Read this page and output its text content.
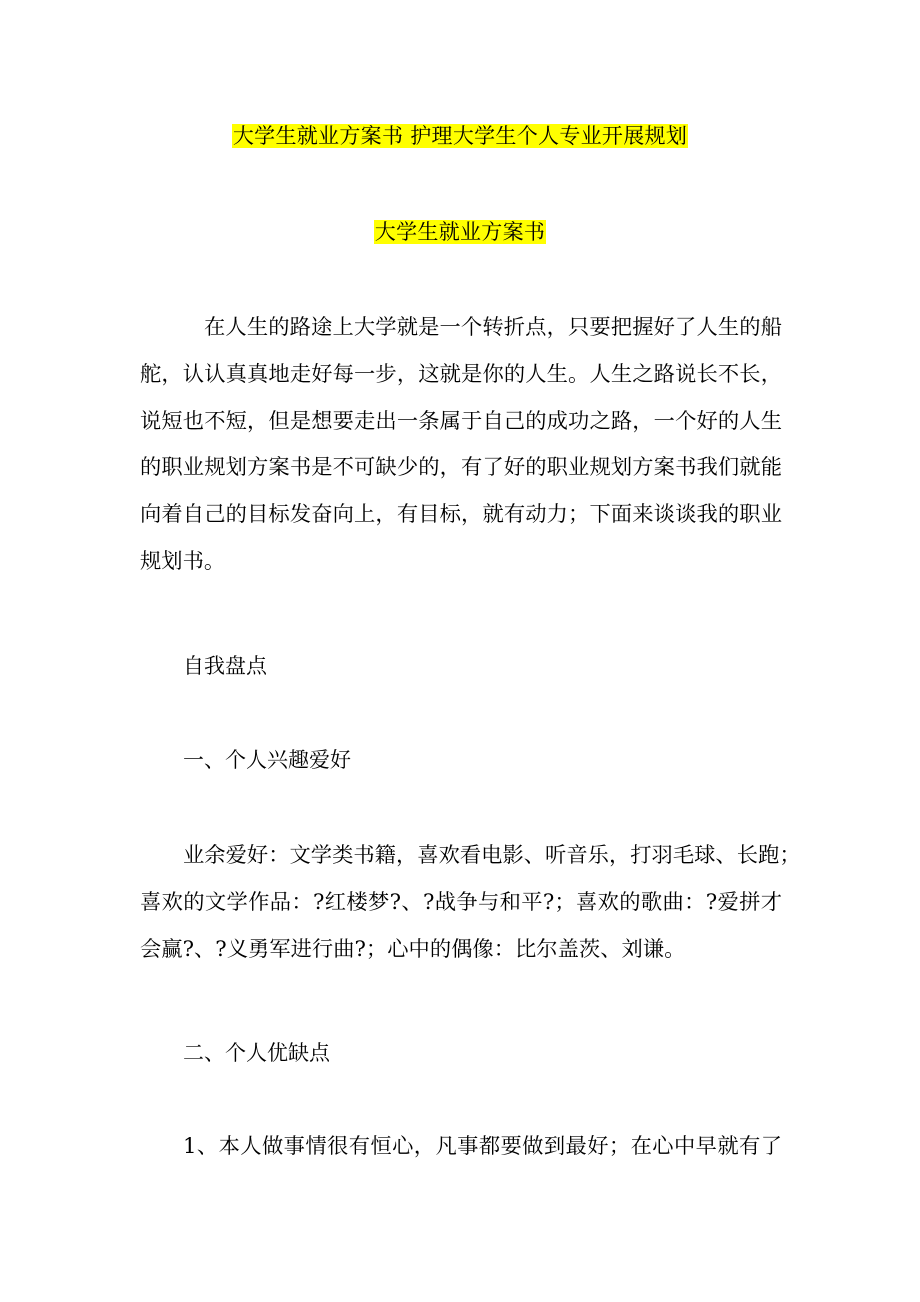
大学生就业方案书 护理大学生个人专业开展规划
大学生就业方案书
在人生的路途上大学就是一个转折点，只要把握好了人生的船
舵，认认真真地走好每一步，这就是你的人生。人生之路说长不长，
说短也不短，但是想要走出一条属于自己的成功之路，一个好的人生
的职业规划方案书是不可缺少的，有了好的职业规划方案书我们就能
向着自己的目标发奋向上，有目标，就有动力；下面来谈谈我的职业
规划书。
自我盘点
一、个人兴趣爱好
业余爱好：文学类书籍，喜欢看电影、听音乐，打羽毛球、长跑；
喜欢的文学作品：?红楼梦?、?战争与和平?；喜欢的歌曲：?爱拼才
会赢?、?义勇军进行曲?；心中的偶像：比尔盖茨、刘谦。
二、个人优缺点
1、本人做事情很有恒心，凡事都要做到最好；在心中早就有了
